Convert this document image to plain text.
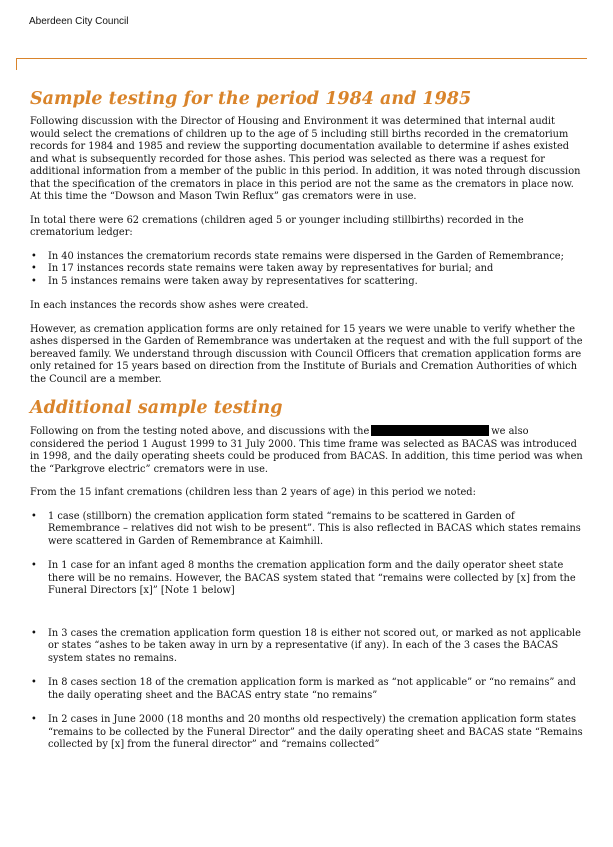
Aberdeen City Council
Sample testing for the period 1984 and 1985

Following discussion with the Director of Housing and Environment it was determined that internal audit would select the cremations of children up to the age of 5 including still births recorded in the crematorium records for 1984 and 1985 and review the supporting documentation available to determine if ashes existed and what is subsequently recorded for those ashes. This period was selected as there was a request for additional information from a member of the public in this period. In addition, it was noted through discussion that the specification of the cremators in place in this period are not the same as the cremators in place now. At this time the “Dowson and Mason Twin Reflux” gas cremators were in use.

In total there were 62 cremations (children aged 5 or younger including stillbirths) recorded in the crematorium ledger:

• In 40 instances the crematorium records state remains were dispersed in the Garden of Remembrance;
• In 17 instances records state remains were taken away by representatives for burial; and
• In 5 instances remains were taken away by representatives for scattering.

In each instances the records show ashes were created.

However, as cremation application forms are only retained for 15 years we were unable to verify whether the ashes dispersed in the Garden of Remembrance was undertaken at the request and with the full support of the bereaved family. We understand through discussion with Council Officers that cremation application forms are only retained for 15 years based on direction from the Institute of Burials and Cremation Authorities of which the Council are a member.

Additional sample testing

Following on from the testing noted above, and discussions with the	we also considered the period 1 August 1999 to 31 July 2000. This time frame was selected as BACAS was introduced in 1998, and the daily operating sheets could be produced from BACAS. In addition, this time period was when the “Parkgrove electric” cremators were in use.

From the 15 infant cremations (children less than 2 years of age) in this period we noted:

• 1 case (stillborn) the cremation application form stated “remains to be scattered in Garden of Remembrance – relatives did not wish to be present”. This is also reflected in BACAS which states remains were scattered in Garden of Remembrance at Kaimhill.
• In 1 case for an infant aged 8 months the cremation application form and the daily operator sheet state there will be no remains. However, the BACAS system stated that “remains were collected by [x] from the Funeral Directors [x]” [Note 1 below]
• In 3 cases the cremation application form question 18 is either not scored out, or marked as not applicable or states “ashes to be taken away in urn by a representative (if any). In each of the 3 cases the BACAS system states no remains.
• In 8 cases section 18 of the cremation application form is marked as “not applicable” or “no remains” and the daily operating sheet and the BACAS entry state “no remains”
• In 2 cases in June 2000 (18 months and 20 months old respectively) the cremation application form states “remains to be collected by the Funeral Director” and the daily operating sheet and BACAS state “Remains collected by [x] from the funeral director” and “remains collected”
